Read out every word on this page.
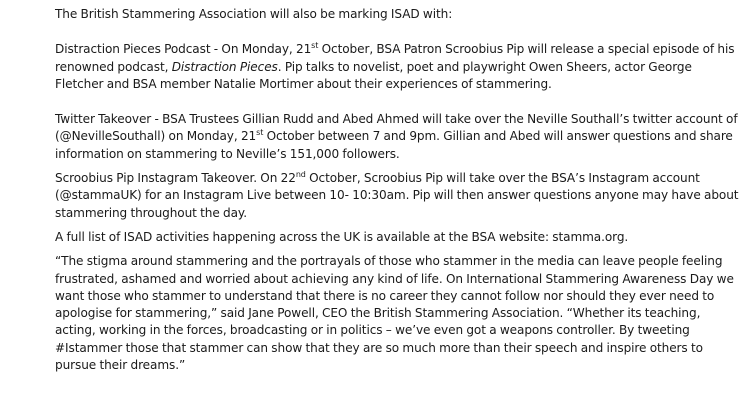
The British Stammering Association will also be marking ISAD with:

Distraction Pieces Podcast - On Monday, 21st October, BSA Patron Scroobius Pip will release a special episode of his renowned podcast, Distraction Pieces. Pip talks to novelist, poet and playwright Owen Sheers, actor George Fletcher and BSA member Natalie Mortimer about their experiences of stammering.

Twitter Takeover - BSA Trustees Gillian Rudd and Abed Ahmed will take over the Neville Southall’s twitter account of (@NevilleSouthall) on Monday, 21st October between 7 and 9pm. Gillian and Abed will answer questions and share information on stammering to Neville’s 151,000 followers.

Scroobius Pip Instagram Takeover. On 22nd October, Scroobius Pip will take over the BSA’s Instagram account (@stammaUK) for an Instagram Live between 10- 10:30am. Pip will then answer questions anyone may have about stammering throughout the day.

A full list of ISAD activities happening across the UK is available at the BSA website: stamma.org.

“The stigma around stammering and the portrayals of those who stammer in the media can leave people feeling frustrated, ashamed and worried about achieving any kind of life. On International Stammering Awareness Day we want those who stammer to understand that there is no career they cannot follow nor should they ever need to apologise for stammering,” said Jane Powell, CEO the British Stammering Association. “Whether its teaching, acting, working in the forces, broadcasting or in politics – we’ve even got a weapons controller. By tweeting #Istammer those that stammer can show that they are so much more than their speech and inspire others to pursue their dreams.”
